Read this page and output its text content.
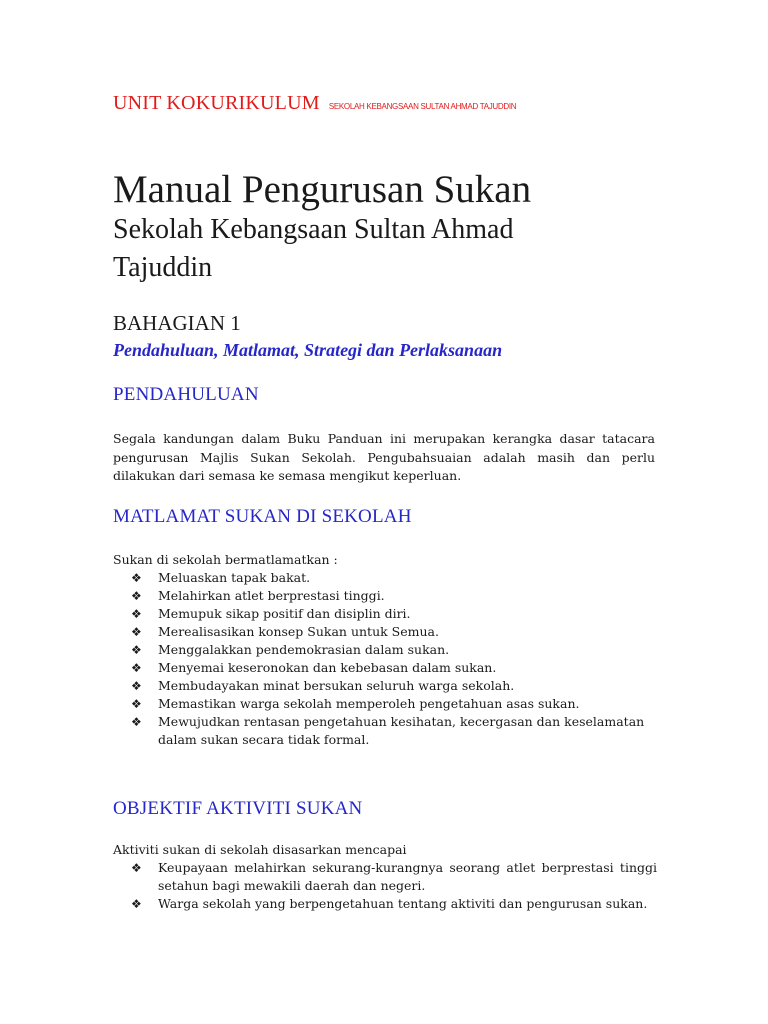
UNIT KOKURIKULUM SEKOLAH KEBANGSAAN SULTAN AHMAD TAJUDDIN
Manual Pengurusan Sukan
Sekolah Kebangsaan Sultan Ahmad Tajuddin
BAHAGIAN 1
Pendahuluan, Matlamat, Strategi dan Perlaksanaan
PENDAHULUAN
Segala kandungan dalam Buku Panduan ini merupakan kerangka dasar tatacara pengurusan Majlis Sukan Sekolah. Pengubahsuaian adalah masih dan perlu dilakukan dari semasa ke semasa mengikut keperluan.
MATLAMAT SUKAN DI SEKOLAH
Sukan di sekolah bermatlamatkan :
❖ Meluaskan tapak bakat.
❖ Melahirkan atlet berprestasi tinggi.
❖ Memupuk sikap positif dan disiplin diri.
❖ Merealisasikan konsep Sukan untuk Semua.
❖ Menggalakkan pendemokrasian dalam sukan.
❖ Menyemai keseronokan dan kebebasan dalam sukan.
❖ Membudayakan minat bersukan seluruh warga sekolah.
❖ Memastikan warga sekolah memperoleh pengetahuan asas sukan.
❖ Mewujudkan rentasan pengetahuan kesihatan, kecergasan dan keselamatan dalam sukan secara tidak formal.
OBJEKTIF AKTIVITI SUKAN
Aktiviti sukan di sekolah disasarkan mencapai
❖ Keupayaan melahirkan sekurang-kurangnya seorang atlet berprestasi tinggi setahun bagi mewakili daerah dan negeri.
❖ Warga sekolah yang berpengetahuan tentang aktiviti dan pengurusan sukan.
